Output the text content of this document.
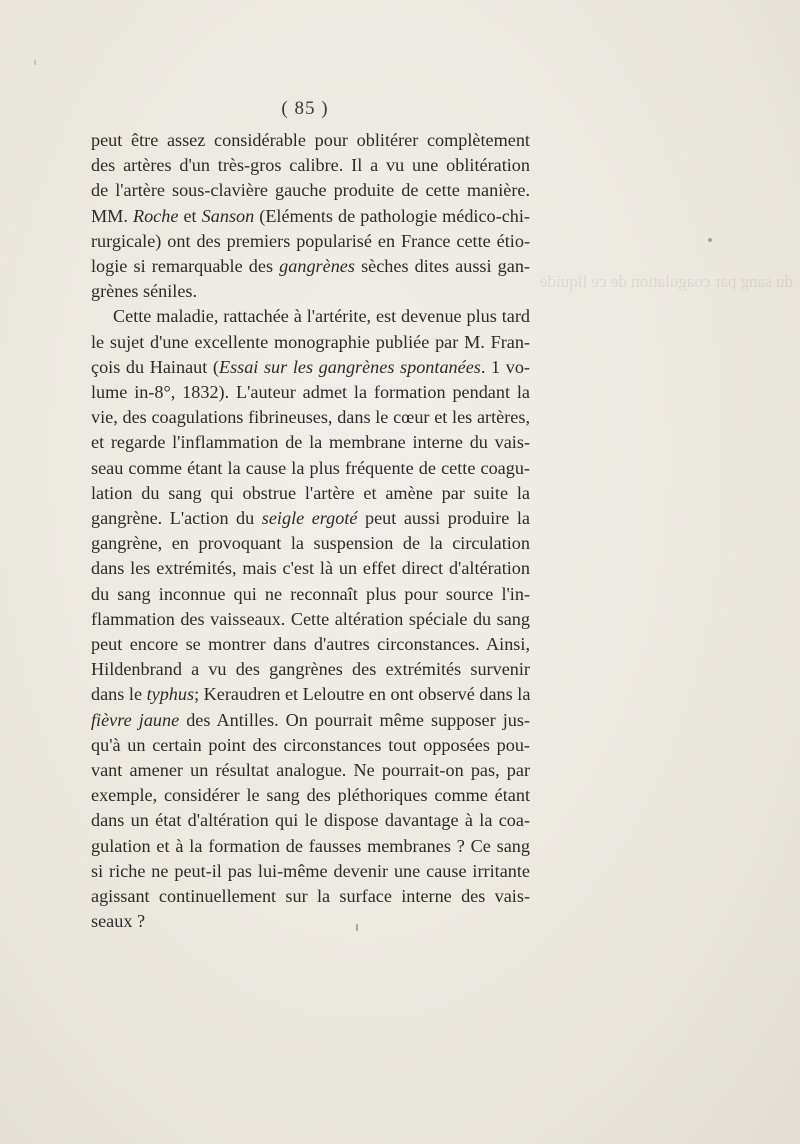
( 85 )
du sang par coagulation de ce liquide

peut être assez considérable pour oblitérer complètement
des artères d'un très-gros calibre. Il a vu une oblitération
de l'artère sous-clavière gauche produite de cette manière.
MM. Roche et Sanson (Eléments de pathologie médico-chi-
rurgicale) ont des premiers popularisé en France cette étio-
logie si remarquable des gangrènes sèches dites aussi gan-
grènes séniles.

Cette maladie, rattachée à l'artérite, est devenue plus tard
le sujet d'une excellente monographie publiée par M. Fran-
çois du Hainaut (Essai sur les gangrènes spontanées. 1 vo-
lume in-8°, 1832). L'auteur admet la formation pendant la
vie, des coagulations fibrineuses, dans le cœur et les artères,
et regarde l'inflammation de la membrane interne du vais-
seau comme étant la cause la plus fréquente de cette coagu-
lation du sang qui obstrue l'artère et amène par suite la
gangrène. L'action du seigle ergoté peut aussi produire la
gangrène, en provoquant la suspension de la circulation
dans les extrémités, mais c'est là un effet direct d'altération
du sang inconnue qui ne reconnaît plus pour source l'in-
flammation des vaisseaux. Cette altération spéciale du sang
peut encore se montrer dans d'autres circonstances. Ainsi,
Hildenbrand a vu des gangrènes des extrémités survenir
dans le typhus; Keraudren et Leloutre en ont observé dans la
fièvre jaune des Antilles. On pourrait même supposer jus-
qu'à un certain point des circonstances tout opposées pou-
vant amener un résultat analogue. Ne pourrait-on pas, par
exemple, considérer le sang des pléthoriques comme étant
dans un état d'altération qui le dispose davantage à la coa-
gulation et à la formation de fausses membranes ? Ce sang
si riche ne peut-il pas lui-même devenir une cause irritante
agissant continuellement sur la surface interne des vais-
seaux ?
